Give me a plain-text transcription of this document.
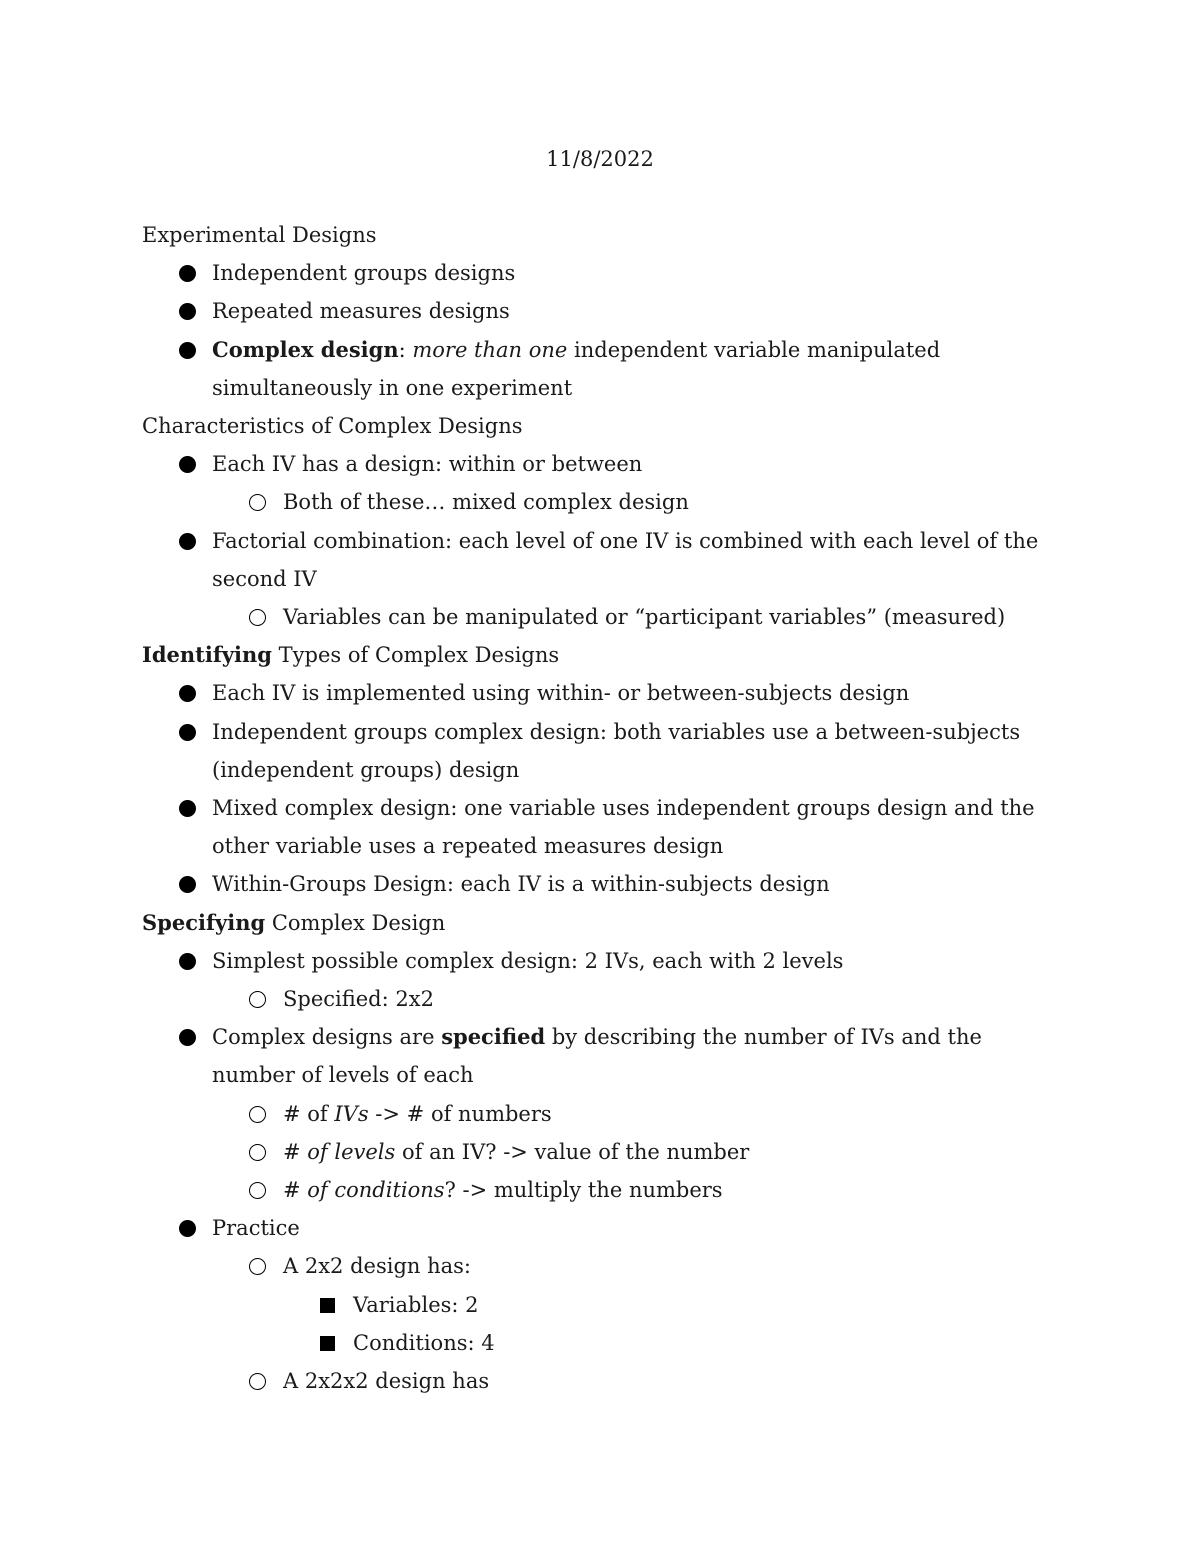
11/8/2022
Experimental Designs
Independent groups designs
Repeated measures designs
Complex design: more than one independent variable manipulated simultaneously in one experiment
Characteristics of Complex Designs
Each IV has a design: within or between
Both of these… mixed complex design
Factorial combination: each level of one IV is combined with each level of the second IV
Variables can be manipulated or “participant variables” (measured)
Identifying Types of Complex Designs
Each IV is implemented using within- or between-subjects design
Independent groups complex design: both variables use a between-subjects (independent groups) design
Mixed complex design: one variable uses independent groups design and the other variable uses a repeated measures design
Within-Groups Design: each IV is a within-subjects design
Specifying Complex Design
Simplest possible complex design: 2 IVs, each with 2 levels
Specified: 2x2
Complex designs are specified by describing the number of IVs and the number of levels of each
# of IVs -> # of numbers
# of levels of an IV? -> value of the number
# of conditions? -> multiply the numbers
Practice
A 2x2 design has:
Variables: 2
Conditions: 4
A 2x2x2 design has
